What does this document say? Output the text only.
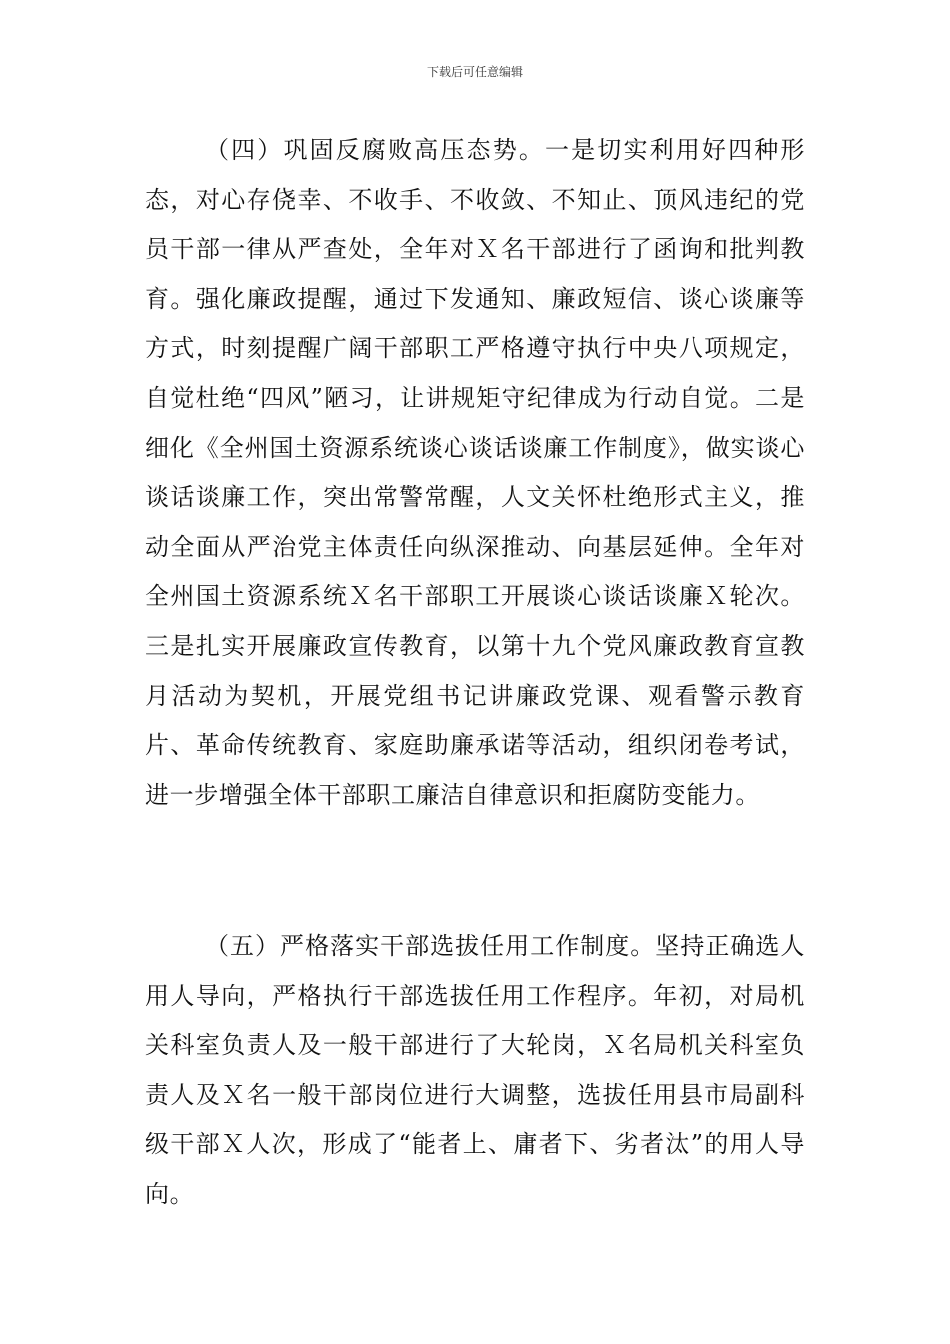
下载后可任意编辑

（四）巩固反腐败高压态势。一是切实利用好四种形态，对心存侥幸、不收手、不收敛、不知止、顶风违纪的党员干部一律从严查处，全年对Ｘ名干部进行了函询和批判教育。强化廉政提醒，通过下发通知、廉政短信、谈心谈廉等方式，时刻提醒广阔干部职工严格遵守执行中央八项规定，自觉杜绝“四风”陋习，让讲规矩守纪律成为行动自觉。二是细化《全州国土资源系统谈心谈话谈廉工作制度》，做实谈心谈话谈廉工作，突出常警常醒，人文关怀杜绝形式主义，推动全面从严治党主体责任向纵深推动、向基层延伸。全年对全州国土资源系统Ｘ名干部职工开展谈心谈话谈廉Ｘ轮次。三是扎实开展廉政宣传教育，以第十九个党风廉政教育宣教月活动为契机，开展党组书记讲廉政党课、观看警示教育片、革命传统教育、家庭助廉承诺等活动，组织闭卷考试，进一步增强全体干部职工廉洁自律意识和拒腐防变能力。

（五）严格落实干部选拔任用工作制度。坚持正确选人用人导向，严格执行干部选拔任用工作程序。年初，对局机关科室负责人及一般干部进行了大轮岗，Ｘ名局机关科室负责人及Ｘ名一般干部岗位进行大调整，选拔任用县市局副科级干部Ｘ人次，形成了“能者上、庸者下、劣者汰”的用人导向。
